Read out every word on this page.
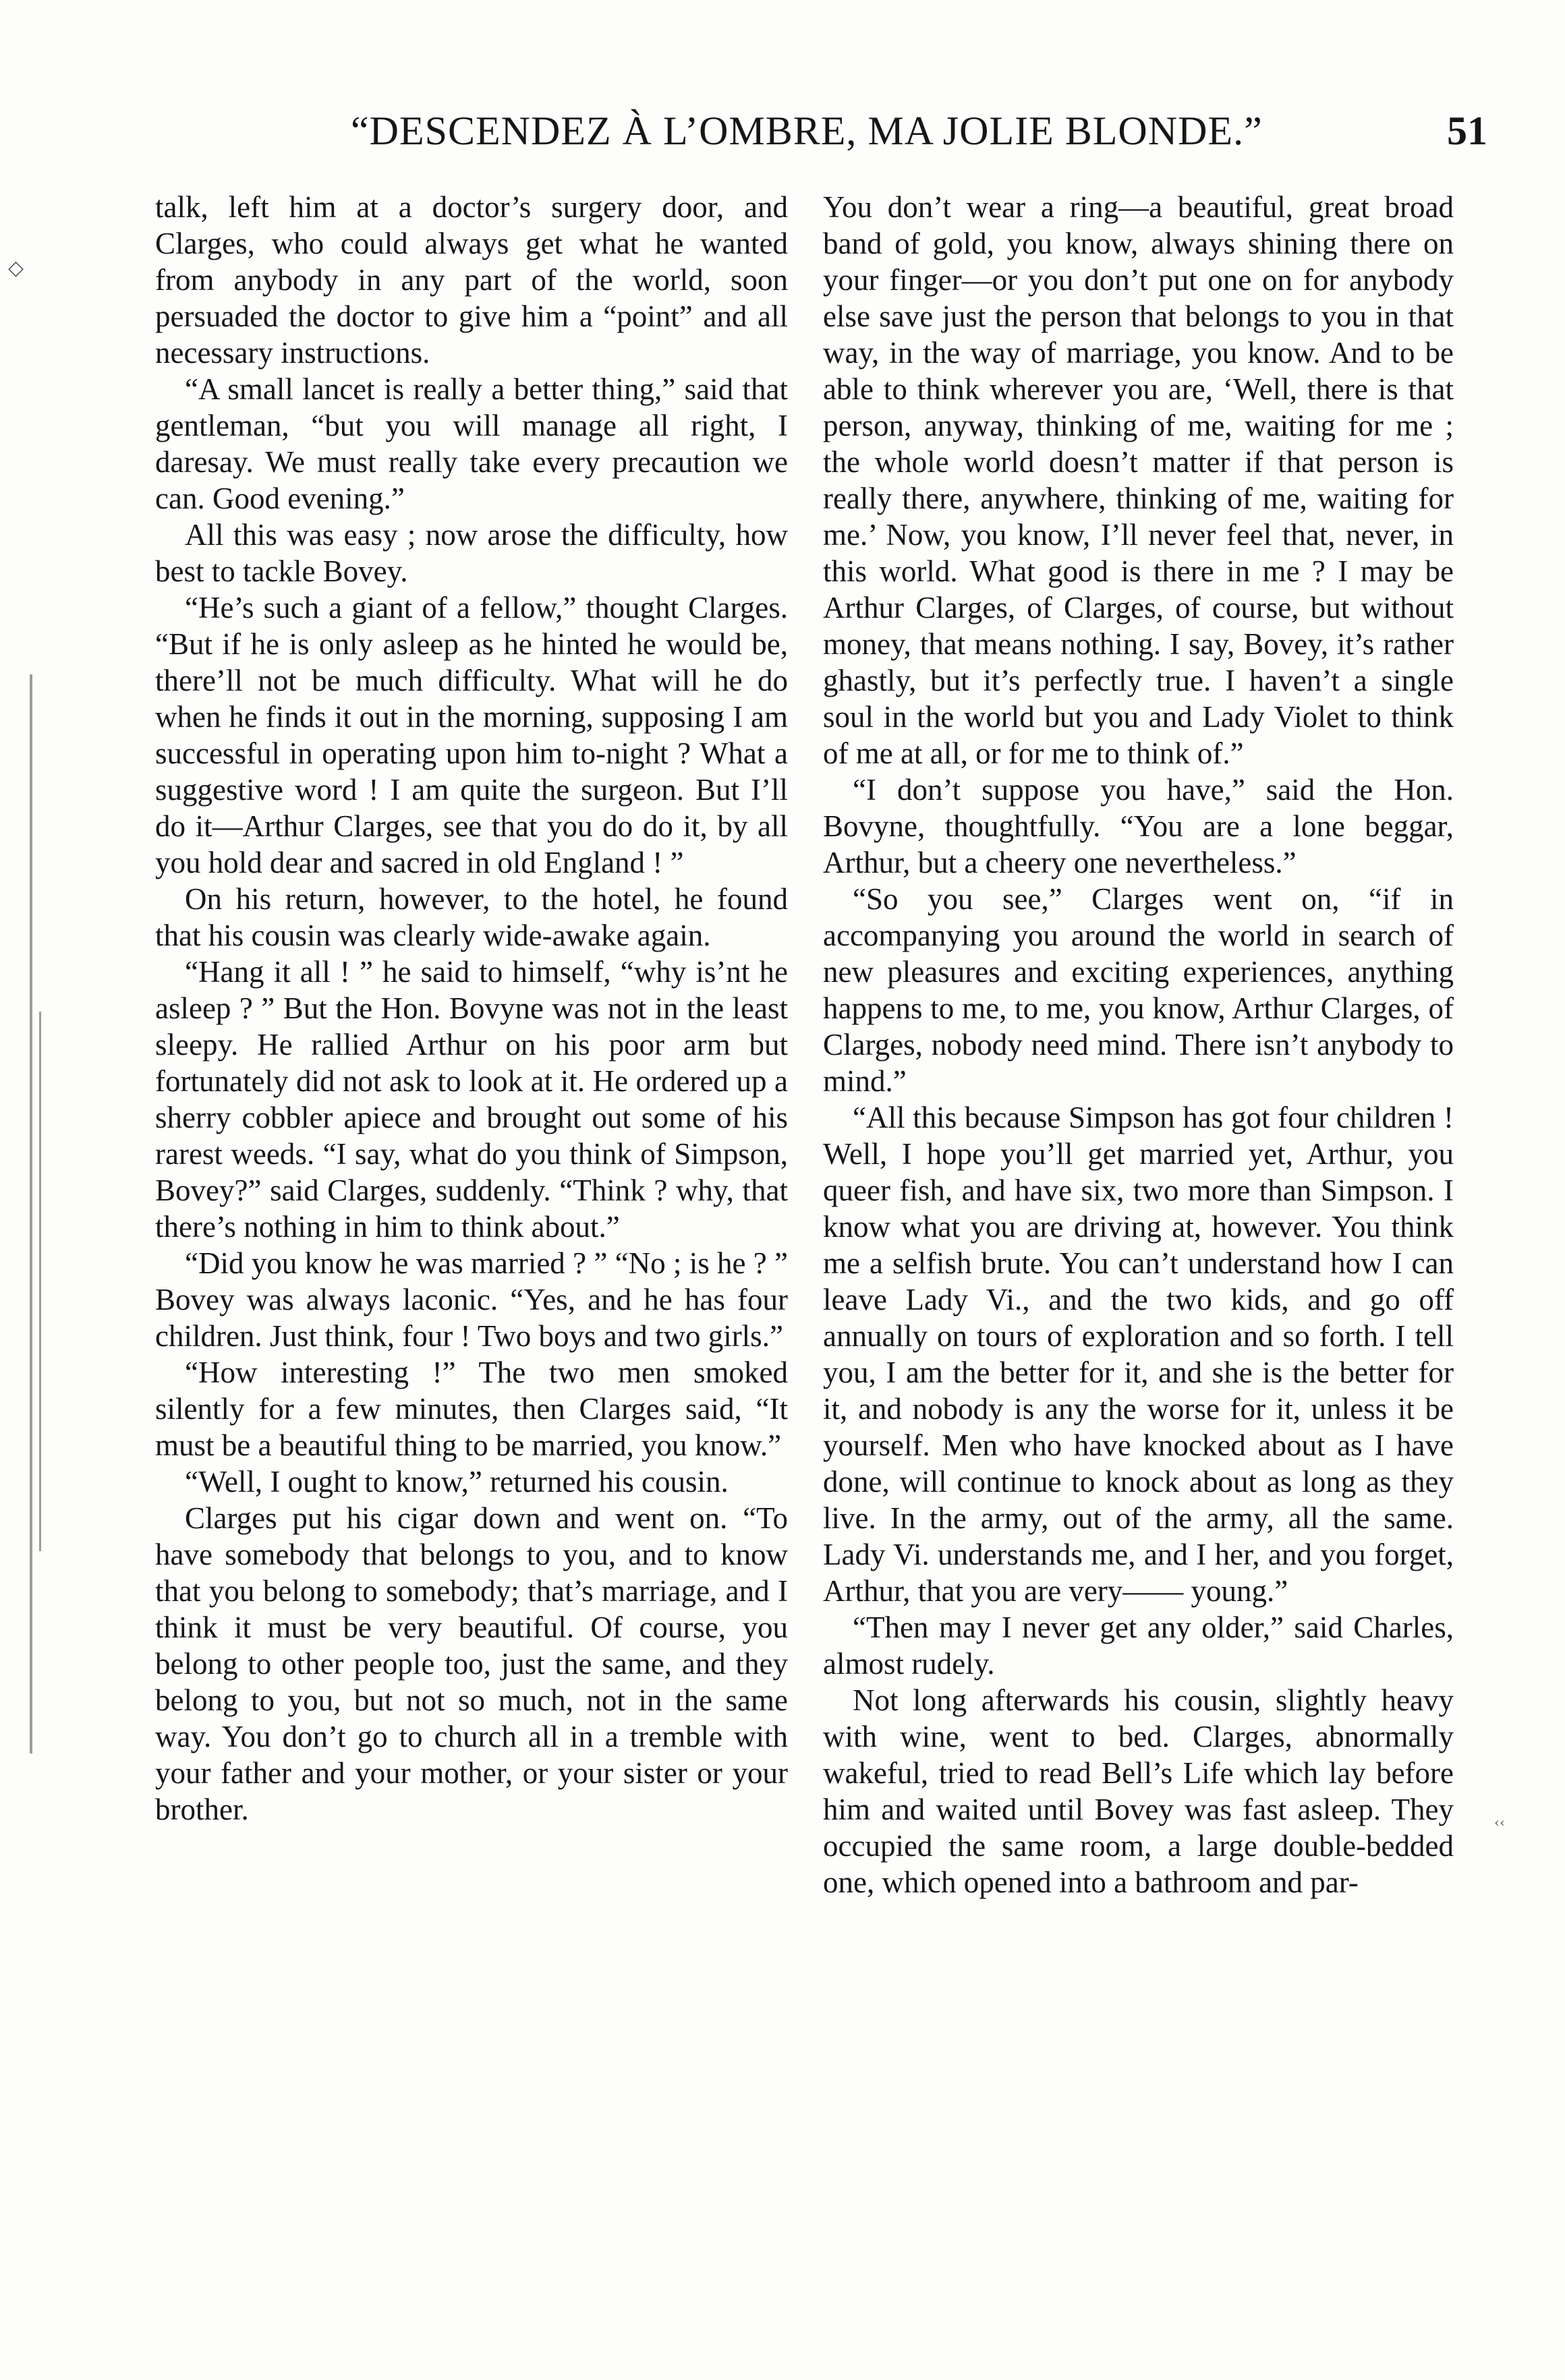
◇
‹‹
“DESCENDEZ À L’OMBRE, MA JOLIE BLONDE.”	51

talk, left him at a doctor’s surgery door, and Clarges, who could always get what he wanted from anybody in any part of the world, soon persuaded the doctor to give him a “point” and all necessary instructions.

“A small lancet is really a better thing,” said that gentleman, “but you will manage all right, I daresay. We must really take every precaution we can. Good evening.”

All this was easy ; now arose the difficulty, how best to tackle Bovey.

“He’s such a giant of a fellow,” thought Clarges. “But if he is only asleep as he hinted he would be, there’ll not be much difficulty. What will he do when he finds it out in the morning, supposing I am successful in operating upon him to-night ? What a suggestive word ! I am quite the surgeon. But I’ll do it—Arthur Clarges, see that you do do it, by all you hold dear and sacred in old England ! ”

On his return, however, to the hotel, he found that his cousin was clearly wide-awake again.

“Hang it all ! ” he said to himself, “why is’nt he asleep ? ” But the Hon. Bovyne was not in the least sleepy. He rallied Arthur on his poor arm but fortunately did not ask to look at it. He ordered up a sherry cobbler apiece and brought out some of his rarest weeds. “I say, what do you think of Simpson, Bovey?” said Clarges, suddenly. “Think ? why, that there’s nothing in him to think about.”

“Did you know he was married ? ” “No ; is he ? ” Bovey was always laconic. “Yes, and he has four children. Just think, four ! Two boys and two girls.”

“How interesting !” The two men smoked silently for a few minutes, then Clarges said, “It must be a beautiful thing to be married, you know.”

“Well, I ought to know,” returned his cousin.

Clarges put his cigar down and went on. “To have somebody that belongs to you, and to know that you belong to somebody; that’s marriage, and I think it must be very beautiful. Of course, you belong to other people too, just the same, and they belong to you, but not so much, not in the same way. You don’t go to church all in a tremble with your father and your mother, or your sister or your brother.

You don’t wear a ring—a beautiful, great broad band of gold, you know, always shining there on your finger—or you don’t put one on for anybody else save just the person that belongs to you in that way, in the way of marriage, you know. And to be able to think wherever you are, ‘Well, there is that person, anyway, thinking of me, waiting for me ; the whole world doesn’t matter if that person is really there, anywhere, thinking of me, waiting for me.’ Now, you know, I’ll never feel that, never, in this world. What good is there in me ? I may be Arthur Clarges, of Clarges, of course, but without money, that means nothing. I say, Bovey, it’s rather ghastly, but it’s perfectly true. I haven’t a single soul in the world but you and Lady Violet to think of me at all, or for me to think of.”

“I don’t suppose you have,” said the Hon. Bovyne, thoughtfully. “You are a lone beggar, Arthur, but a cheery one nevertheless.”

“So you see,” Clarges went on, “if in accompanying you around the world in search of new pleasures and exciting experiences, anything happens to me, to me, you know, Arthur Clarges, of Clarges, nobody need mind. There isn’t anybody to mind.”

“All this because Simpson has got four children ! Well, I hope you’ll get married yet, Arthur, you queer fish, and have six, two more than Simpson. I know what you are driving at, however. You think me a selfish brute. You can’t understand how I can leave Lady Vi., and the two kids, and go off annually on tours of exploration and so forth. I tell you, I am the better for it, and she is the better for it, and nobody is any the worse for it, unless it be yourself. Men who have knocked about as I have done, will continue to knock about as long as they live. In the army, out of the army, all the same. Lady Vi. understands me, and I her, and you forget, Arthur, that you are very—— young.”

“Then may I never get any older,” said Charles, almost rudely.

Not long afterwards his cousin, slightly heavy with wine, went to bed. Clarges, abnormally wakeful, tried to read Bell’s Life which lay before him and waited until Bovey was fast asleep. They occupied the same room, a large double-bedded one, which opened into a bathroom and par-
